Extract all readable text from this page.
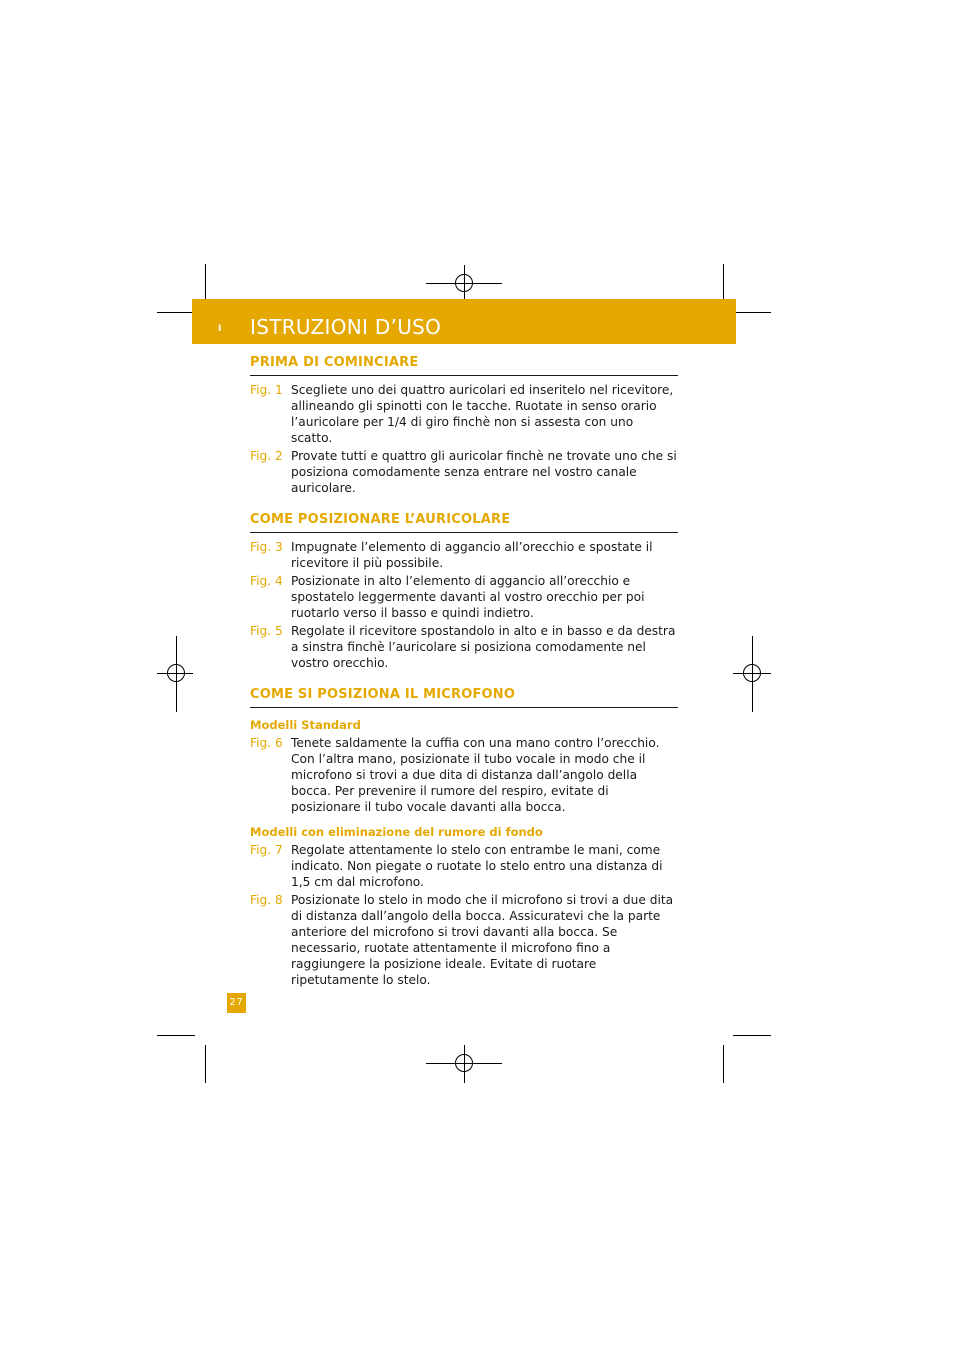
I ISTRUZIONI D’USO
PRIMA DI COMINCIARE
Fig. 1 Scegliete uno dei quattro auricolari ed inseritelo nel ricevitore, allineando gli spinotti con le tacche. Ruotate in senso orario l’auricolare per 1/4 di giro finchè non si assesta con uno scatto.
Fig. 2 Provate tutti e quattro gli auricolar finchè ne trovate uno che si posiziona comodamente senza entrare nel vostro canale auricolare.
COME POSIZIONARE L’AURICOLARE
Fig. 3 Impugnate l’elemento di aggancio all’orecchio e spostate il ricevitore il più possibile.
Fig. 4 Posizionate in alto l’elemento di aggancio all’orecchio e spostatelo leggermente davanti al vostro orecchio per poi ruotarlo verso il basso e quindi indietro.
Fig. 5 Regolate il ricevitore spostandolo in alto e in basso e da destra a sinstra finchè l’auricolare si posiziona comodamente nel vostro orecchio.
COME SI POSIZIONA IL MICROFONO
Modelli Standard
Fig. 6 Tenete saldamente la cuffia con una mano contro l’orecchio. Con l’altra mano, posizionate il tubo vocale in modo che il microfono si trovi a due dita di distanza dall’angolo della bocca. Per prevenire il rumore del respiro, evitate di posizionare il tubo vocale davanti alla bocca.
Modelli con eliminazione del rumore di fondo
Fig. 7 Regolate attentamente lo stelo con entrambe le mani, come indicato. Non piegate o ruotate lo stelo entro una distanza di 1,5 cm dal microfono.
Fig. 8 Posizionate lo stelo in modo che il microfono si trovi a due dita di distanza dall’angolo della bocca. Assicuratevi che la parte anteriore del microfono si trovi davanti alla bocca. Se necessario, ruotate attentamente il microfono fino a raggiungere la posizione ideale. Evitate di ruotare ripetutamente lo stelo.
27
